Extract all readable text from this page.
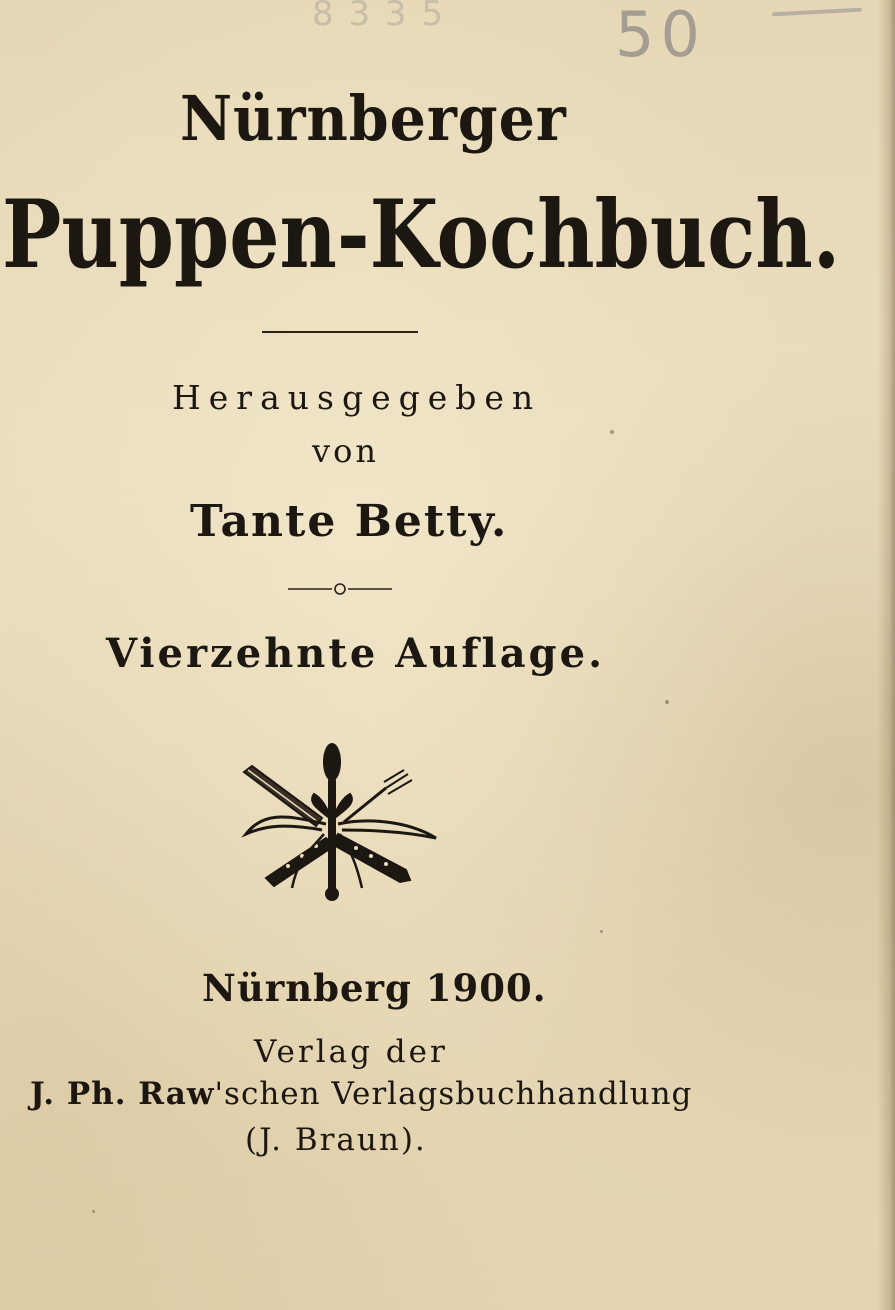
8 3 3 5	50
Nürnberger
Puppen-Kochbuch.
Herausgegeben
von
Tante Betty.
Vierzehnte Auflage.
Nürnberg 1900.
Verlag der
J. Ph. Raw'schen Verlagsbuchhandlung
(J. Braun).
